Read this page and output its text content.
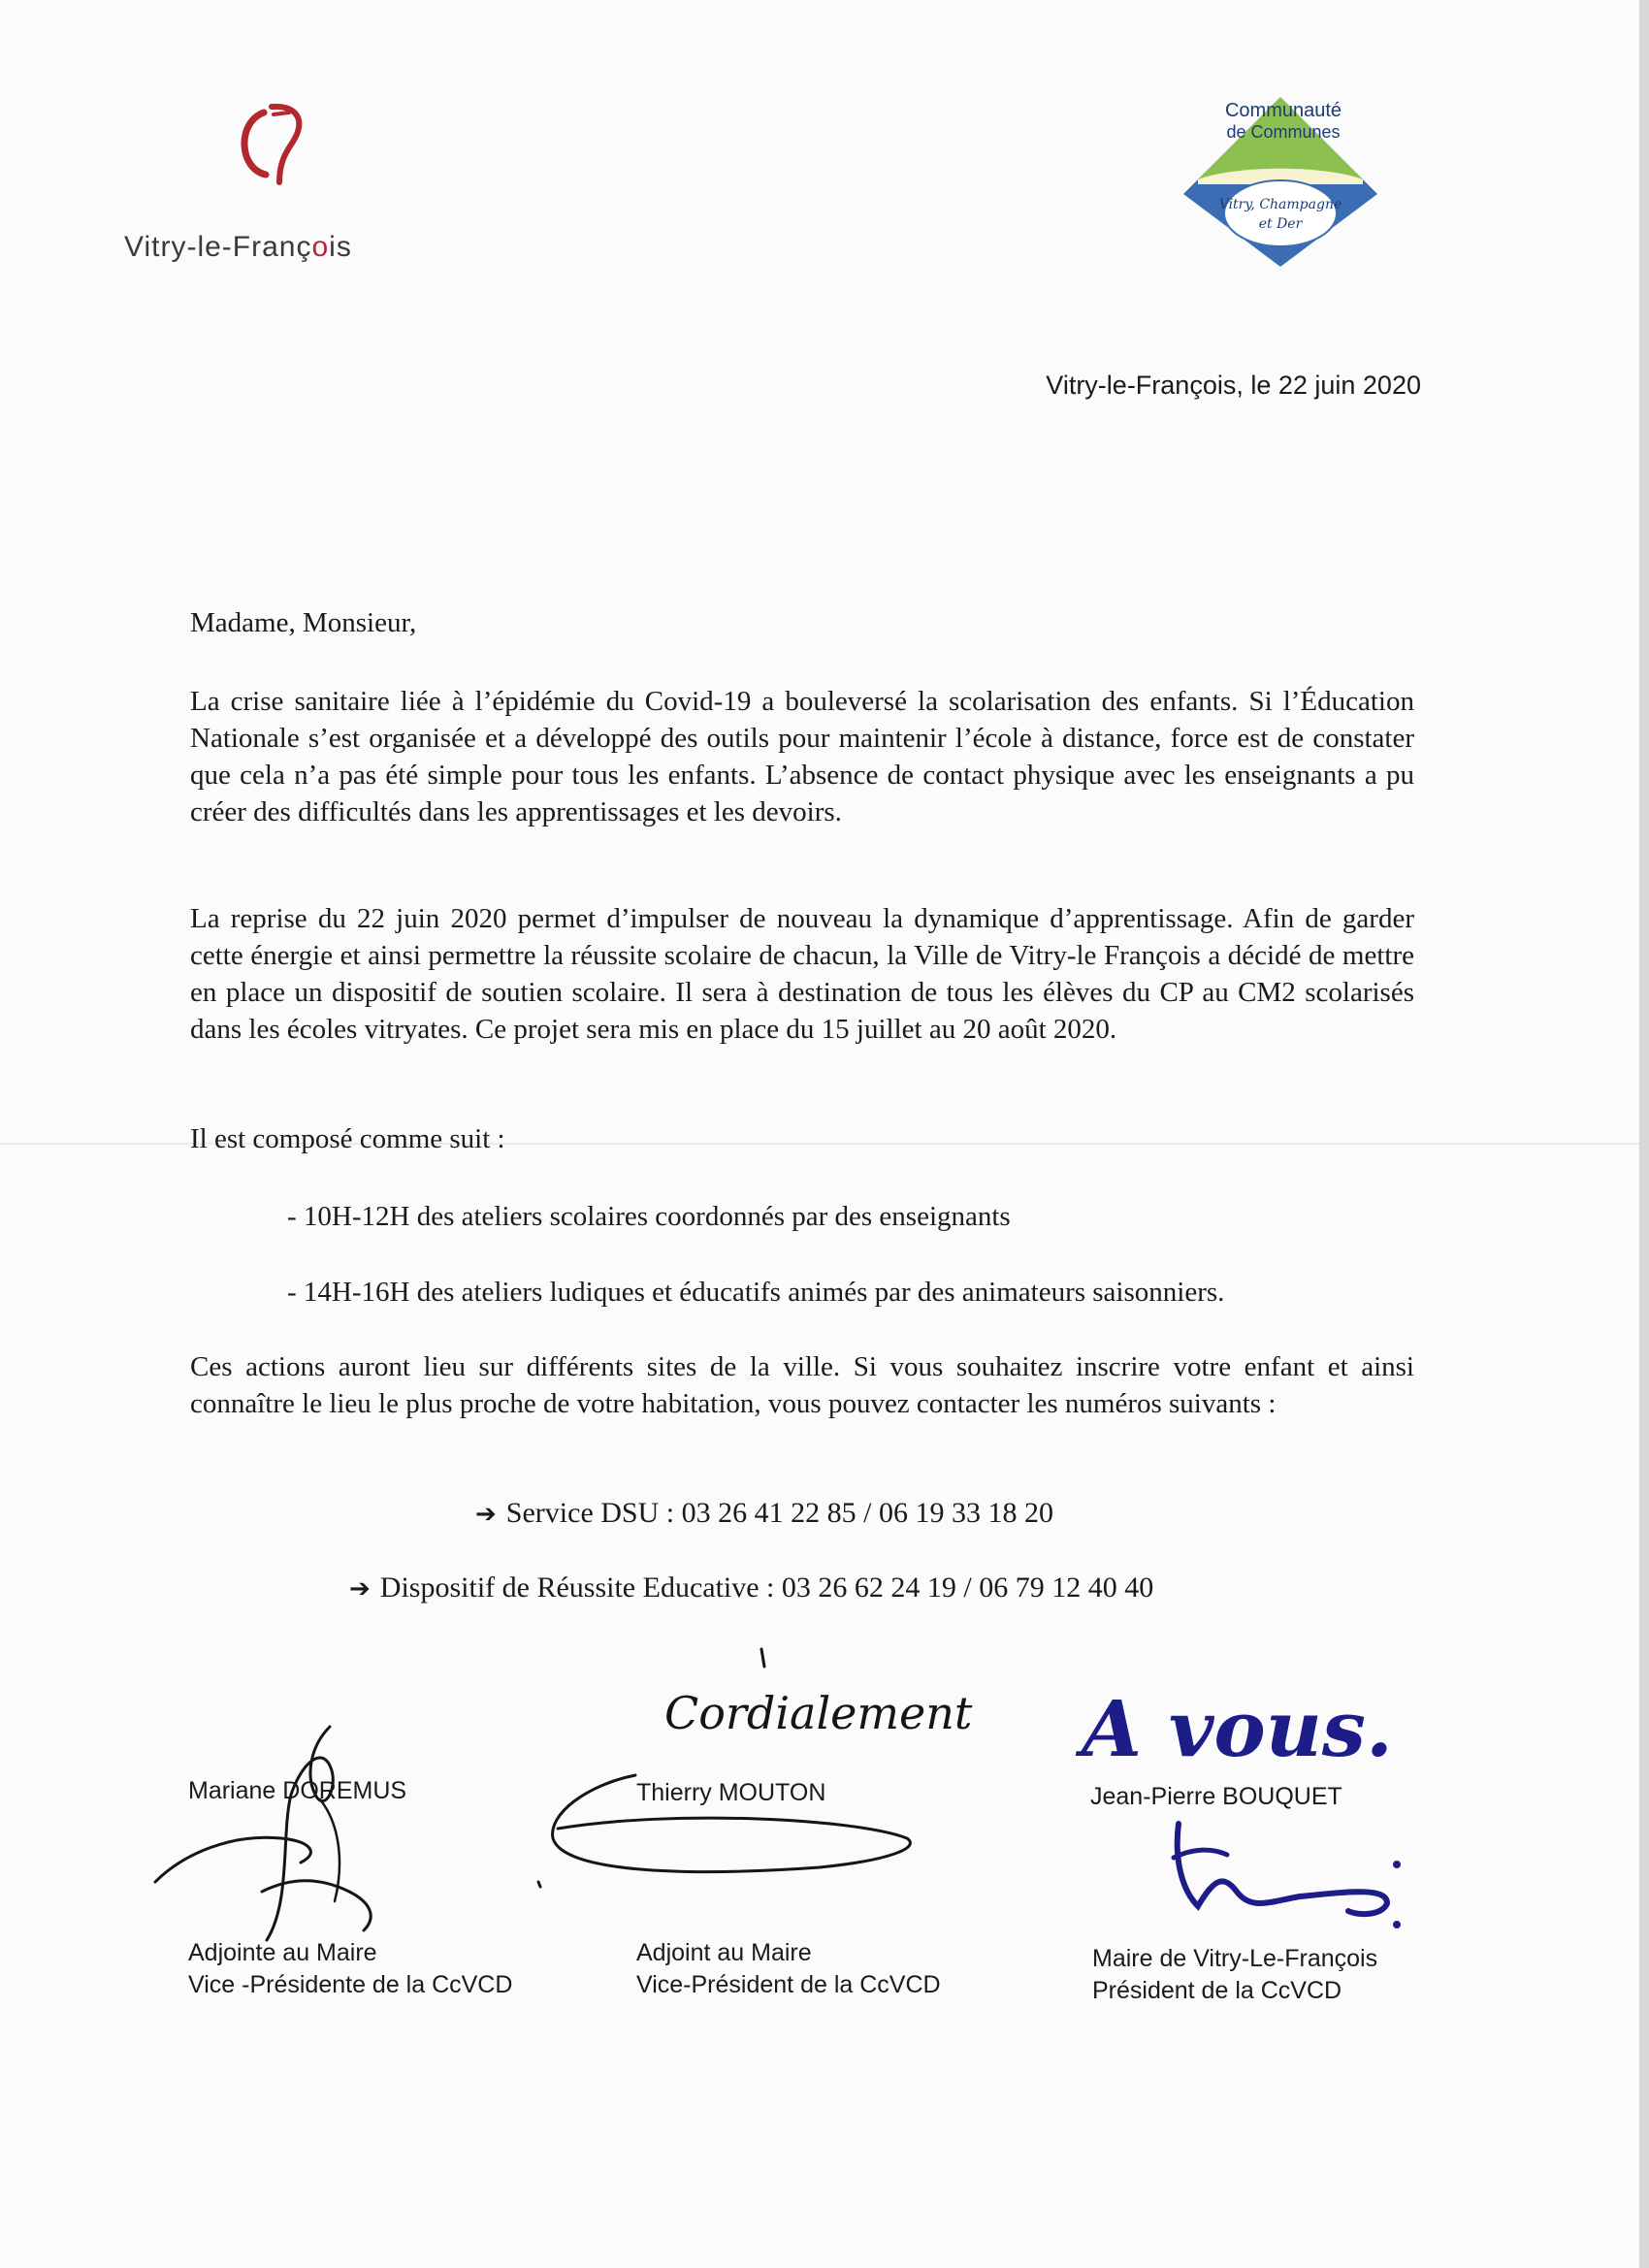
Vitry-le-François
Communauté
de Communes
Vitry, Champagne
et Der
Vitry-le-François, le 22 juin 2020
Madame, Monsieur,
La crise sanitaire liée à l’épidémie du Covid-19 a bouleversé la scolarisation des enfants. Si l’Éducation Nationale s’est organisée et a développé des outils pour maintenir l’école à distance, force est de constater que cela n’a pas été simple pour tous les enfants. L’absence de contact physique avec les enseignants a pu créer des difficultés dans les apprentissages et les devoirs.
La reprise du 22 juin 2020 permet d’impulser de nouveau la dynamique d’apprentissage. Afin de garder cette énergie et ainsi permettre la réussite scolaire de chacun, la Ville de Vitry-le François a décidé de mettre en place un dispositif de soutien scolaire. Il sera à destination de tous les élèves du CP au CM2 scolarisés dans les écoles vitryates. Ce projet sera mis en place du 15 juillet au 20 août 2020.
Il est composé comme suit :
- 10H-12H des ateliers scolaires coordonnés par des enseignants
- 14H-16H des ateliers ludiques et éducatifs animés par des animateurs saisonniers.
Ces actions auront lieu sur différents sites de la ville. Si vous souhaitez inscrire votre enfant et ainsi connaître le lieu le plus proche de votre habitation, vous pouvez contacter les numéros suivants :
➔ Service DSU : 03 26 41 22 85 / 06 19 33 18 20
➔ Dispositif de Réussite Educative : 03 26 62 24 19 / 06 79 12 40 40
Mariane DOREMUS	Thierry MOUTON	Jean-Pierre BOUQUET
Cordialement A vous.
Adjointe au Maire
Vice -Présidente de la CcVCD
Adjoint au Maire
Vice-Président de la CcVCD
Maire de Vitry-Le-François
Président de la CcVCD
